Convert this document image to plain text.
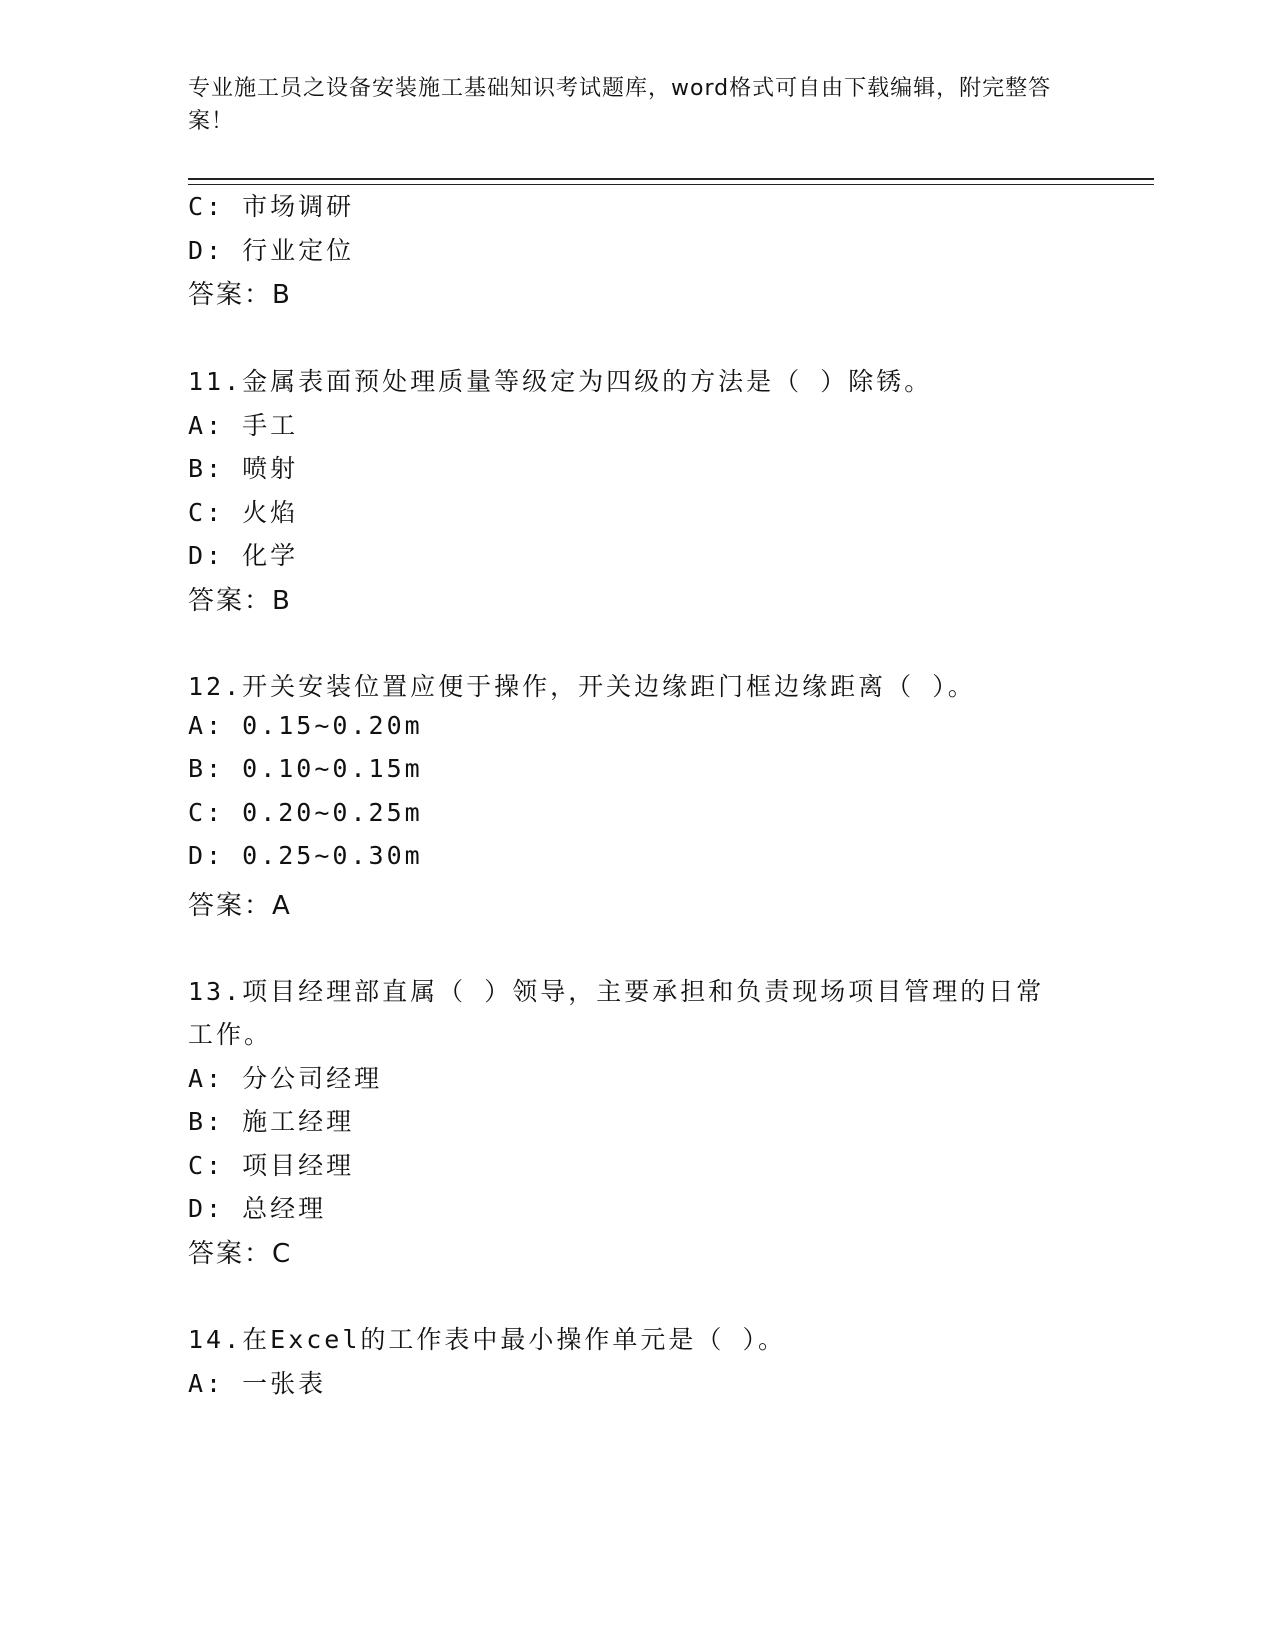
专业施工员之设备安装施工基础知识考试题库，word格式可自由下载编辑，附完整答案！
C: 市场调研
D: 行业定位
答案：B
11.金属表面预处理质量等级定为四级的方法是（ ）除锈。
A: 手工
B: 喷射
C: 火焰
D: 化学
答案：B
12.开关安装位置应便于操作，开关边缘距门框边缘距离（ ）。
A: 0.15~0.20m
B: 0.10~0.15m
C: 0.20~0.25m
D: 0.25~0.30m
答案：A
13.项目经理部直属（ ）领导，主要承担和负责现场项目管理的日常
工作。
A: 分公司经理
B: 施工经理
C: 项目经理
D: 总经理
答案：C
14.在Excel的工作表中最小操作单元是（ ）。
A: 一张表
